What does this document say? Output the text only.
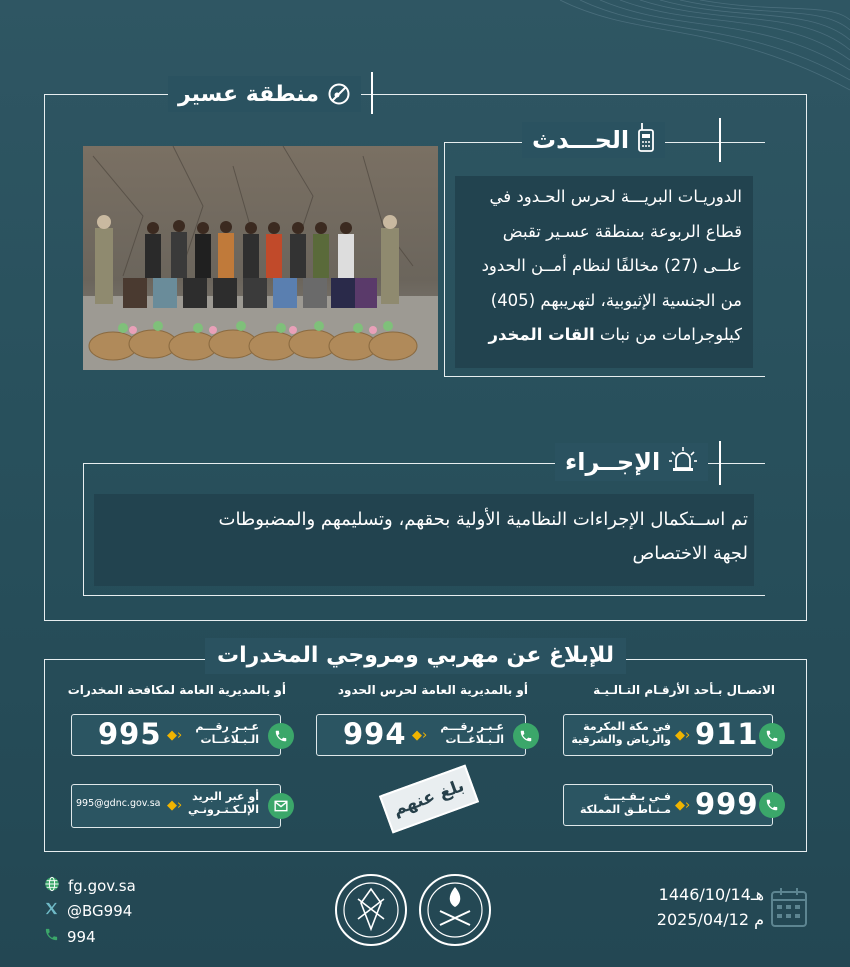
منطقة عسير
الحـــدث
الدوريـات البريـــة لحرس الحـدود في
قطاع الربوعة بمنطقة عسـير تقبض
علــى (27) مخالفًا لنظام أمــن الحدود
من الجنسية الإثيوبية، لتهريبهم (405)
كيلوجرامات من نبات القات المخدر
الإجــراء
تم اســتكمال الإجراءات النظامية الأولية بحقهم، وتسليمهم والمضبوطات
لجهة الاختصاص
للإبلاغ عن مهربي ومروجي المخدرات
الاتصـال بـأحد الأرقـام التـالـيـة
أو بالمديرية العامة لحرس الحدود
أو بالمديرية العامة لمكافحة المخدرات
911
◆›
في مكة المكرمة
والرياض والشرقية
999
◆›
فـي بـقـيـــة
مـنـاطـق المملكة
994 ◆›
عـبـر رقـــم
الـبـلاغــات
995 ◆›
عـبـر رقـــم
الـبـلاغــات
995@gdnc.gov.sa ◆›
أو عبر البريد
الإلـكـتـرونـي	بلغ عنهم
fg.gov.sa
@BG994
994
1446/10/14هـ
2025/04/12 م
